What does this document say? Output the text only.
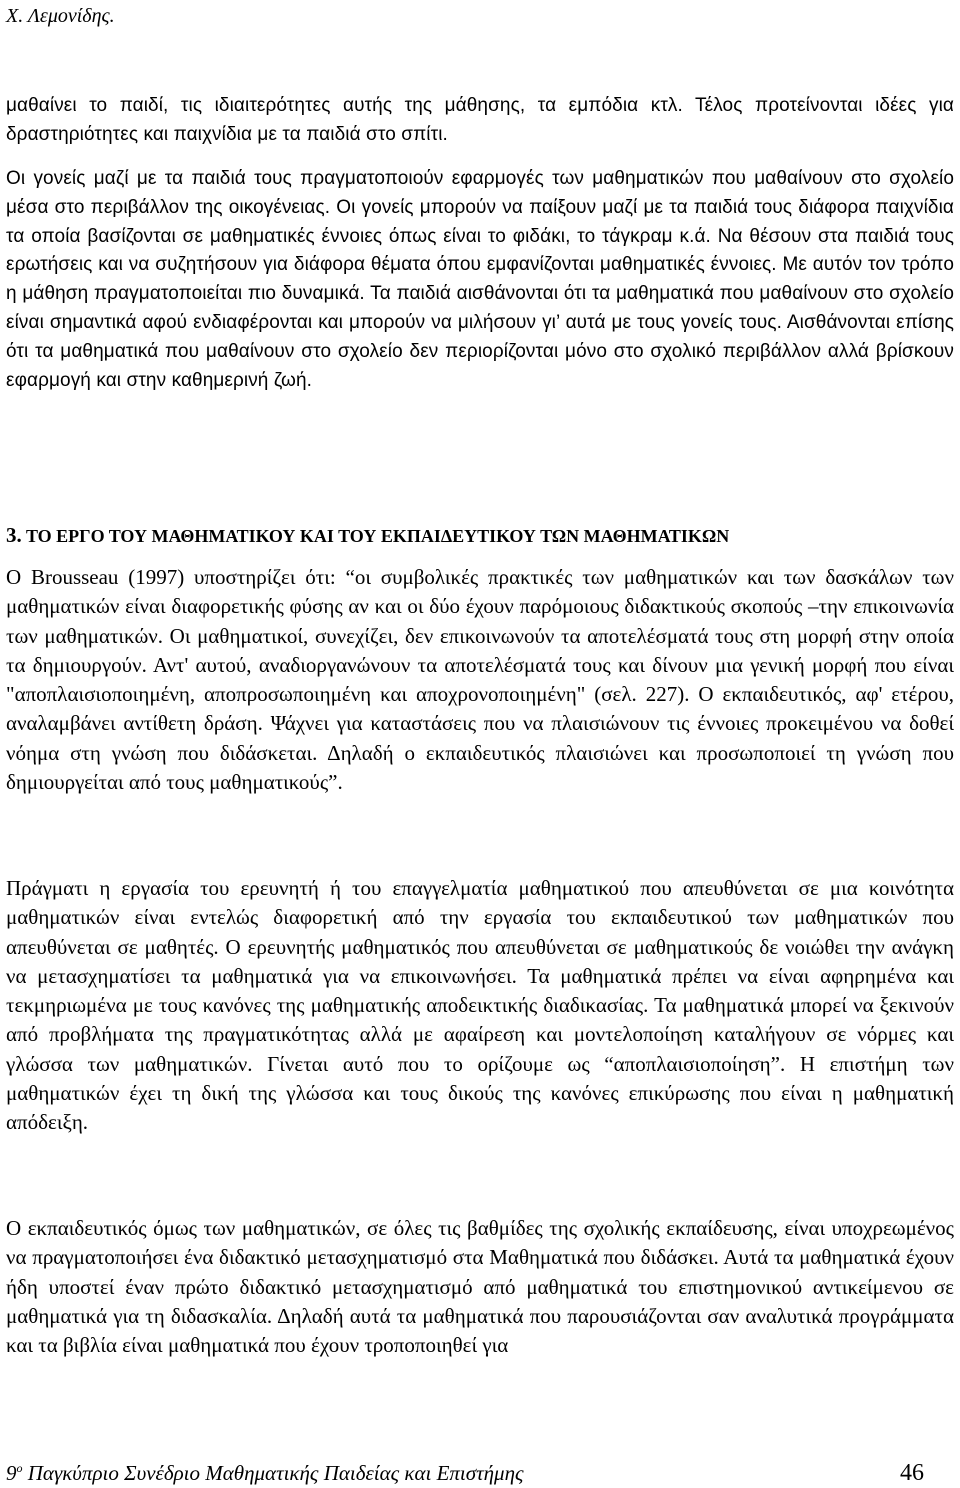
Χ. Λεμονίδης.

μαθαίνει το παιδί, τις ιδιαιτερότητες αυτής της μάθησης, τα εμπόδια κτλ. Τέλος προτείνονται ιδέες για δραστηριότητες και παιχνίδια με τα παιδιά στο σπίτι.

Οι γονείς μαζί με τα παιδιά τους πραγματοποιούν εφαρμογές των μαθηματικών που μαθαίνουν στο σχολείο μέσα στο περιβάλλον της οικογένειας. Οι γονείς μπορούν να παίξουν μαζί με τα παιδιά τους διάφορα παιχνίδια τα οποία βασίζονται σε μαθηματικές έννοιες όπως είναι το φιδάκι, το τάγκραμ κ.ά. Να θέσουν στα παιδιά τους ερωτήσεις και να συζητήσουν για διάφορα θέματα όπου εμφανίζονται μαθηματικές έννοιες. Με αυτόν τον τρόπο η μάθηση πραγματοποιείται πιο δυναμικά. Τα παιδιά αισθάνονται ότι τα μαθηματικά που μαθαίνουν στο σχολείο είναι σημαντικά αφού ενδιαφέρονται και μπορούν να μιλήσουν γι’ αυτά με τους γονείς τους. Αισθάνονται επίσης ότι τα μαθηματικά που μαθαίνουν στο σχολείο δεν περιορίζονται μόνο στο σχολικό περιβάλλον αλλά βρίσκουν εφαρμογή και στην καθημερινή ζωή.

3. ΤΟ ΕΡΓΟ ΤΟΥ ΜΑΘΗΜΑΤΙΚΟΥ ΚΑΙ ΤΟΥ ΕΚΠΑΙΔΕΥΤΙΚΟΥ ΤΩΝ ΜΑΘΗΜΑΤΙΚΩΝ

Ο Brousseau (1997) υποστηρίζει ότι: “οι συμβολικές πρακτικές των μαθηματικών και των δασκάλων των μαθηματικών είναι διαφορετικής φύσης αν και οι δύο έχουν παρόμοιους διδακτικούς σκοπούς –την επικοινωνία των μαθηματικών. Οι μαθηματικοί, συνεχίζει, δεν επικοινωνούν τα αποτελέσματά τους στη μορφή στην οποία τα δημιουργούν. Αντ' αυτού, αναδιοργανώνουν τα αποτελέσματά τους και δίνουν μια γενική μορφή που είναι "αποπλαισιοποιημένη, αποπροσωποιημένη και αποχρονοποιημένη" (σελ. 227). Ο εκπαιδευτικός, αφ' ετέρου, αναλαμβάνει αντίθετη δράση. Ψάχνει για καταστάσεις που να πλαισιώνουν τις έννοιες προκειμένου να δοθεί νόημα στη γνώση που διδάσκεται. Δηλαδή ο εκπαιδευτικός πλαισιώνει και προσωποποιεί τη γνώση που δημιουργείται από τους μαθηματικούς”.

Πράγματι η εργασία του ερευνητή ή του επαγγελματία μαθηματικού που απευθύνεται σε μια κοινότητα μαθηματικών είναι εντελώς διαφορετική από την εργασία του εκπαιδευτικού των μαθηματικών που απευθύνεται σε μαθητές. Ο ερευνητής μαθηματικός που απευθύνεται σε μαθηματικούς δε νοιώθει την ανάγκη να μετασχηματίσει τα μαθηματικά για να επικοινωνήσει. Τα μαθηματικά πρέπει να είναι αφηρημένα και τεκμηριωμένα με τους κανόνες της μαθηματικής αποδεικτικής διαδικασίας. Τα μαθηματικά μπορεί να ξεκινούν από προβλήματα της πραγματικότητας αλλά με αφαίρεση και μοντελοποίηση καταλήγουν σε νόρμες και γλώσσα των μαθηματικών. Γίνεται αυτό που το ορίζουμε ως “αποπλαισιοποίηση”. Η επιστήμη των μαθηματικών έχει τη δική της γλώσσα και τους δικούς της κανόνες επικύρωσης που είναι η μαθηματική απόδειξη.

Ο εκπαιδευτικός όμως των μαθηματικών, σε όλες τις βαθμίδες της σχολικής εκπαίδευσης, είναι υποχρεωμένος να πραγματοποιήσει ένα διδακτικό μετασχηματισμό στα Μαθηματικά που διδάσκει. Αυτά τα μαθηματικά έχουν ήδη υποστεί έναν πρώτο διδακτικό μετασχηματισμό από μαθηματικά του επιστημονικού αντικείμενου σε μαθηματικά για τη διδασκαλία. Δηλαδή αυτά τα μαθηματικά που παρουσιάζονται σαν αναλυτικά προγράμματα και τα βιβλία είναι μαθηματικά που έχουν τροποποιηθεί για

$9^o$ Παγκύπριο Συνέδριο Μαθηματικής Παιδείας και Επιστήμης	46
